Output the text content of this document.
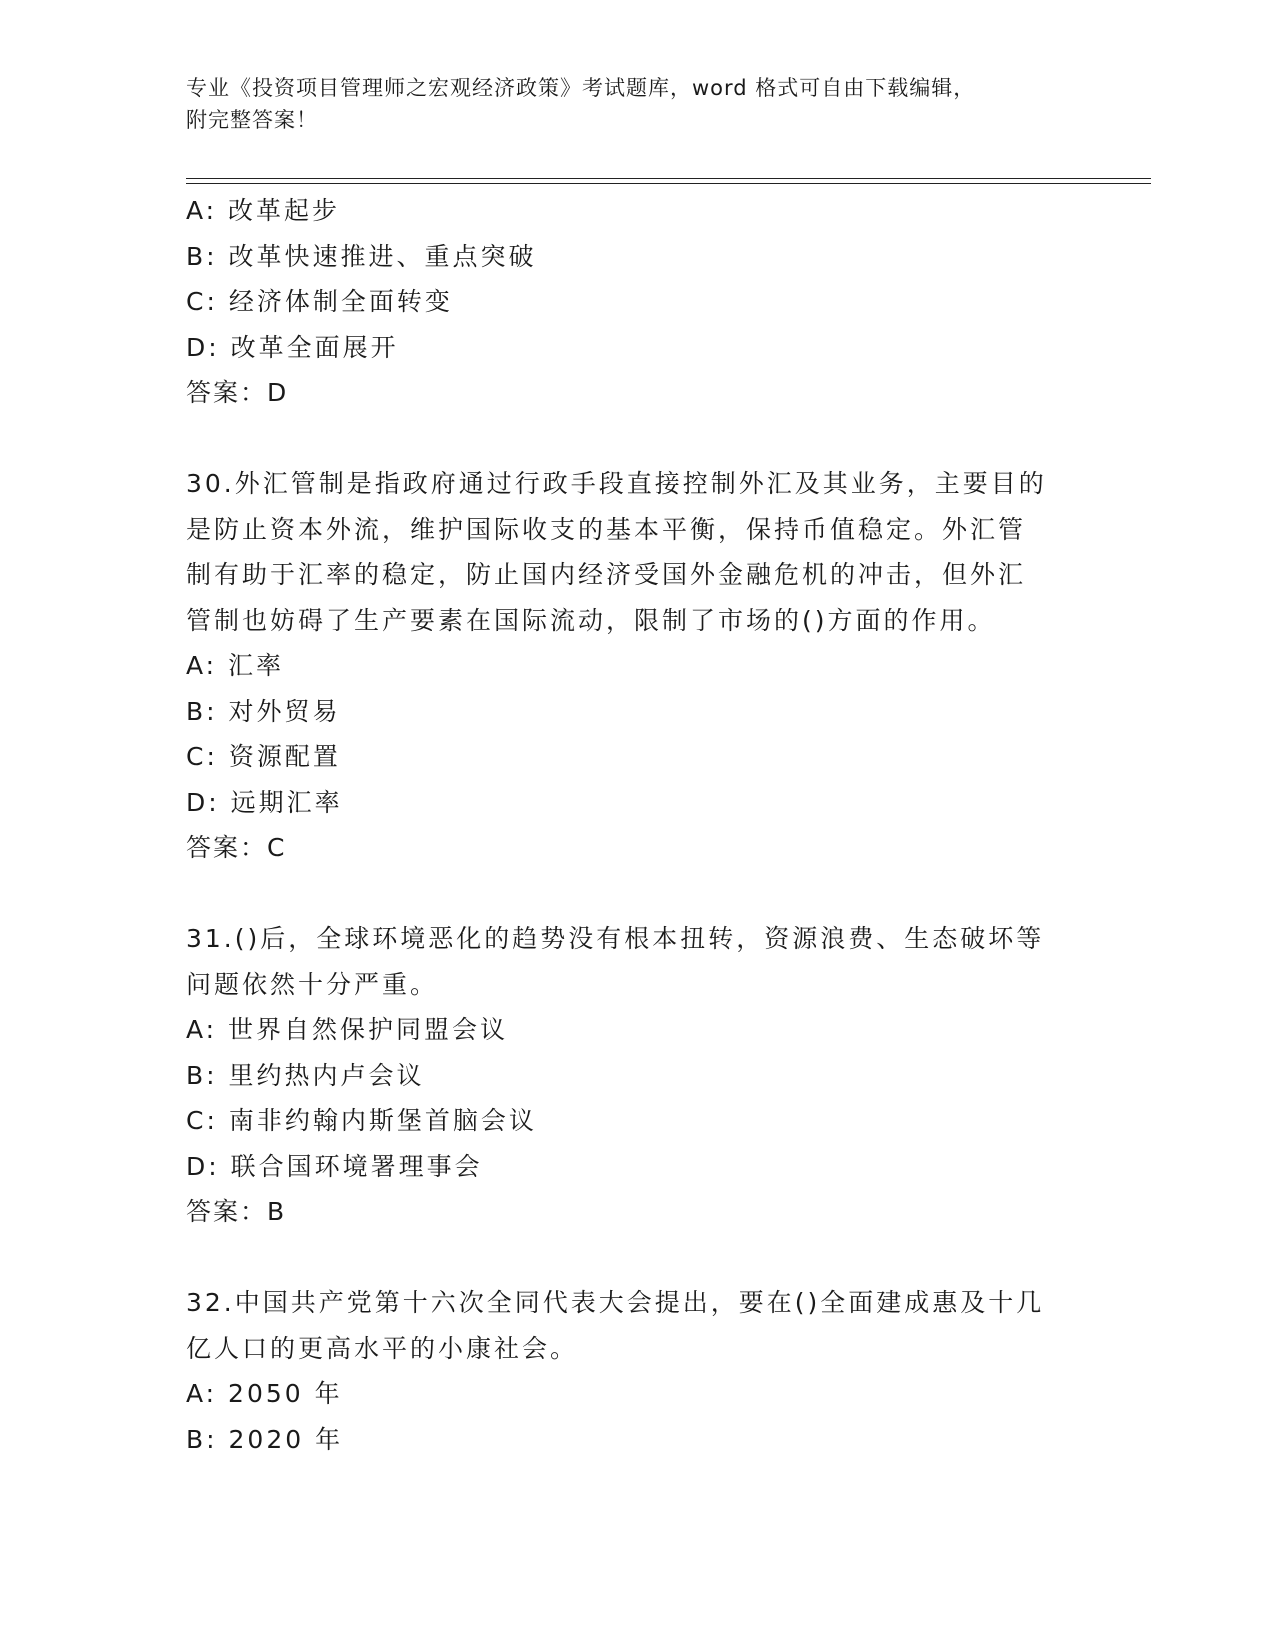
专业《投资项目管理师之宏观经济政策》考试题库，word 格式可自由下载编辑，
附完整答案！
A: 改革起步
B: 改革快速推进、重点突破
C: 经济体制全面转变
D: 改革全面展开
答案：D
30.外汇管制是指政府通过行政手段直接控制外汇及其业务，主要目的
是防止资本外流，维护国际收支的基本平衡，保持币值稳定。外汇管
制有助于汇率的稳定，防止国内经济受国外金融危机的冲击，但外汇
管制也妨碍了生产要素在国际流动，限制了市场的()方面的作用。
A: 汇率
B: 对外贸易
C: 资源配置
D: 远期汇率
答案：C
31.()后，全球环境恶化的趋势没有根本扭转，资源浪费、生态破坏等
问题依然十分严重。
A: 世界自然保护同盟会议
B: 里约热内卢会议
C: 南非约翰内斯堡首脑会议
D: 联合国环境署理事会
答案：B
32.中国共产党第十六次全同代表大会提出，要在()全面建成惠及十几
亿人口的更高水平的小康社会。
A: 2050 年
B: 2020 年
